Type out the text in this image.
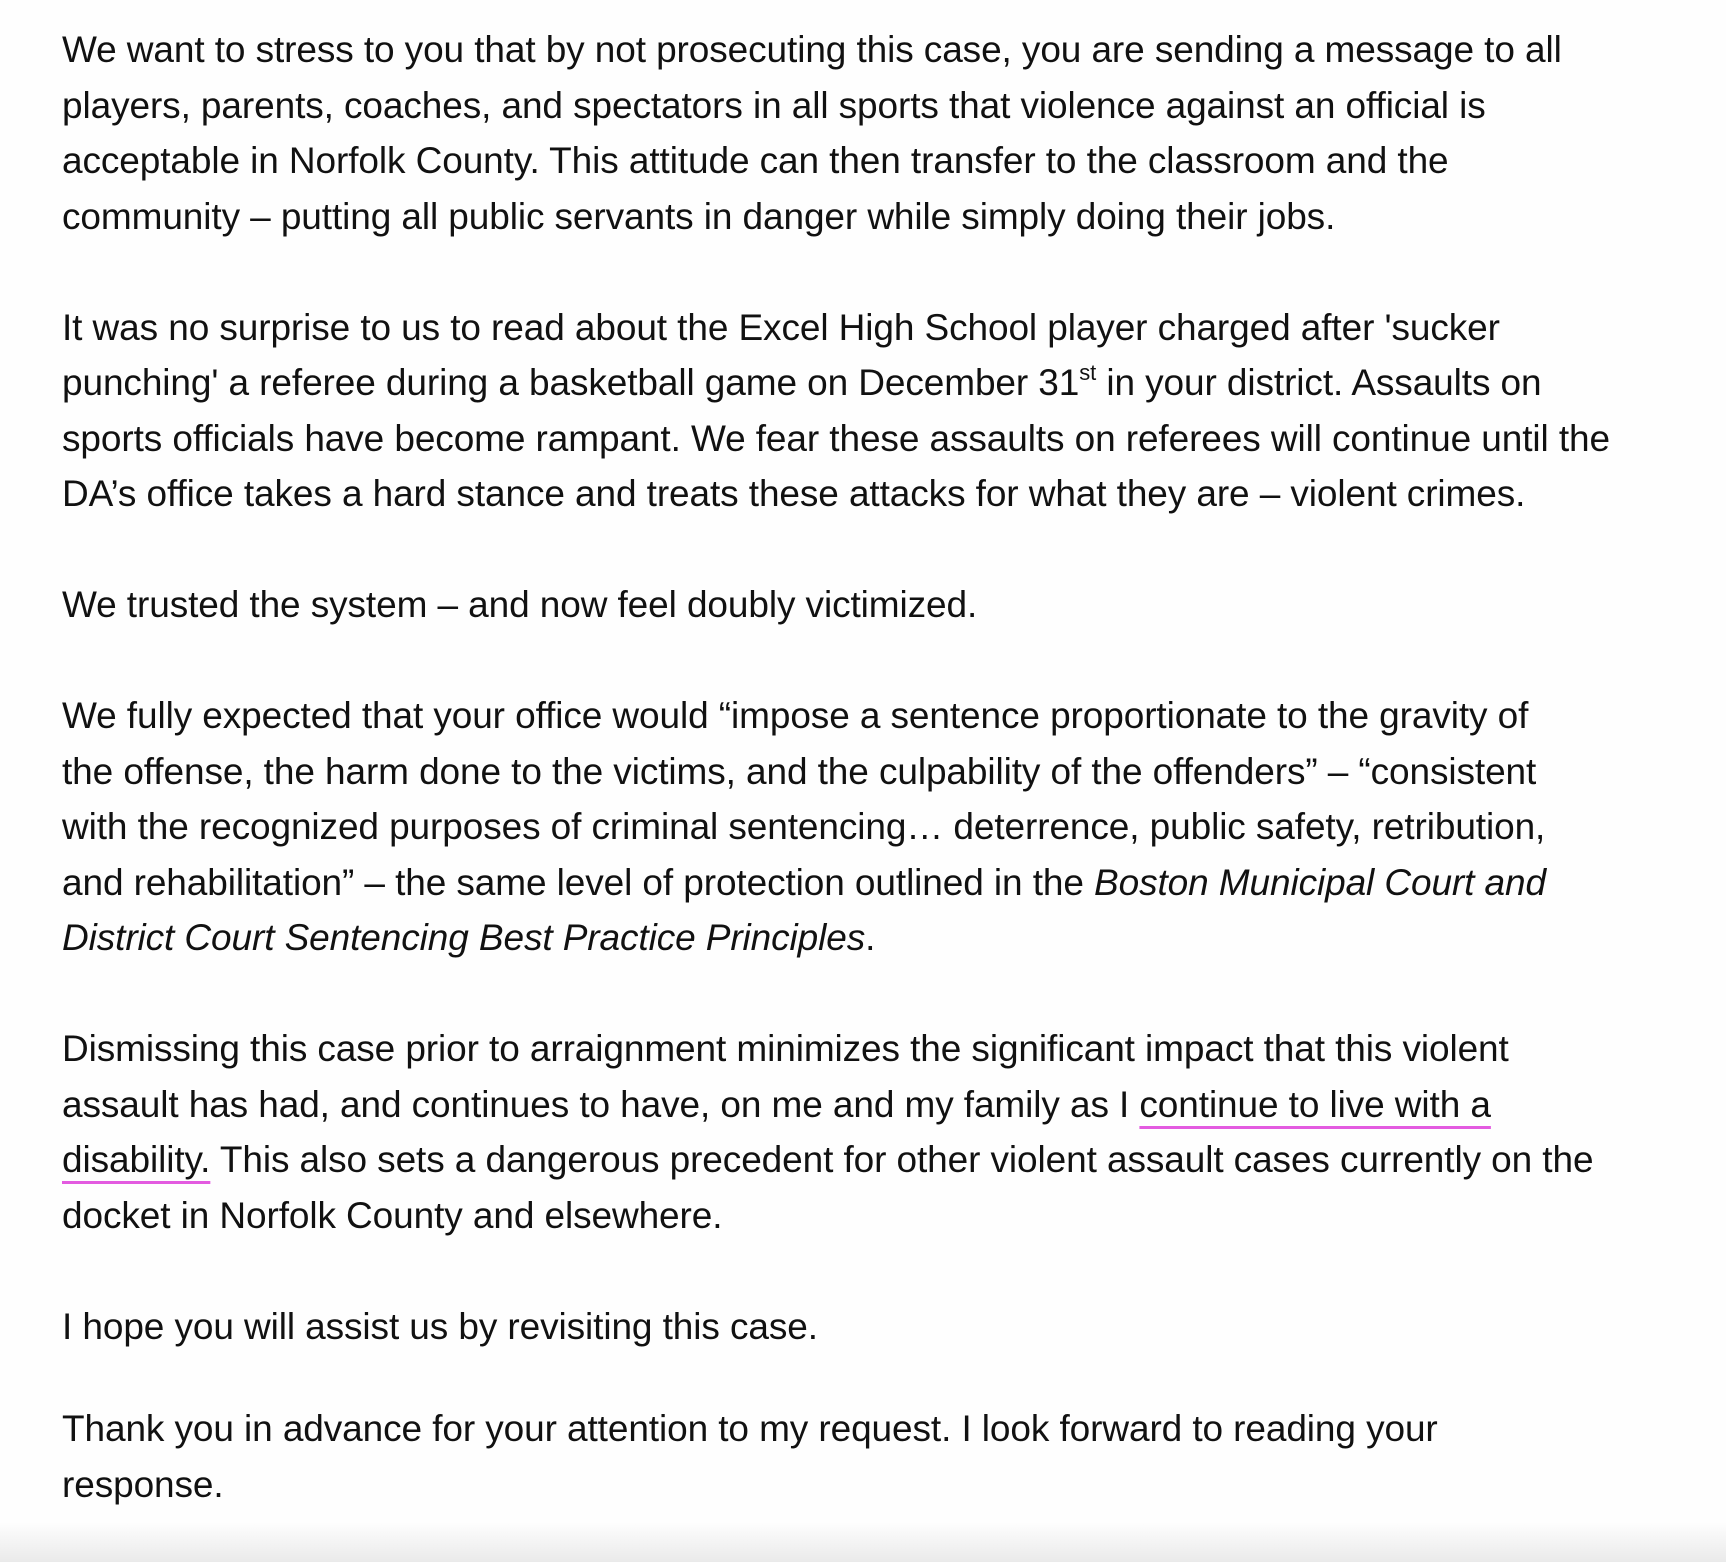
We want to stress to you that by not prosecuting this case, you are sending a message to all
players, parents, coaches, and spectators in all sports that violence against an official is
acceptable in Norfolk County. This attitude can then transfer to the classroom and the
community – putting all public servants in danger while simply doing their jobs.

It was no surprise to us to read about the Excel High School player charged after 'sucker
punching' a referee during a basketball game on December 31st in your district. Assaults on
sports officials have become rampant. We fear these assaults on referees will continue until the
DA’s office takes a hard stance and treats these attacks for what they are – violent crimes.

We trusted the system – and now feel doubly victimized.

We fully expected that your office would “impose a sentence proportionate to the gravity of
the offense, the harm done to the victims, and the culpability of the offenders” – “consistent
with the recognized purposes of criminal sentencing… deterrence, public safety, retribution,
and rehabilitation” – the same level of protection outlined in the Boston Municipal Court and
District Court Sentencing Best Practice Principles.

Dismissing this case prior to arraignment minimizes the significant impact that this violent
assault has had, and continues to have, on me and my family as I continue to live with a
disability. This also sets a dangerous precedent for other violent assault cases currently on the
docket in Norfolk County and elsewhere.

I hope you will assist us by revisiting this case.

Thank you in advance for your attention to my request. I look forward to reading your
response.
